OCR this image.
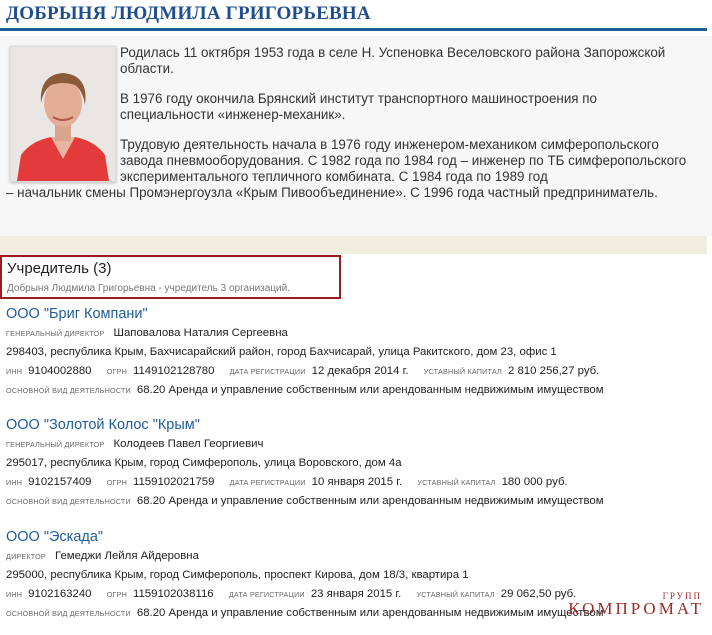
ДОБРЫНЯ ЛЮДМИЛА ГРИГОРЬЕВНА

Родилась 11 октября 1953 года в селе Н. Успеновка Веселовского района Запорожской области.

В 1976 году окончила Брянский институт транспортного машиностроения по специальности «инженер-механик».

Трудовую деятельность начала в 1976 году инженером-механиком симферопольского завода пневмооборудования. С 1982 года по 1984 год – инженер по ТБ симферопольского экспериментального тепличного комбината. С 1984 года по 1989 год
– начальник смены Промэнергоузла «Крым Пивообъединение». С 1996 года частный предприниматель.

Учредитель (3)
Добрыня Людмила Григорьевна - учредитель 3 организаций.
ООО "Бриг Компани"
ГЕНЕРАЛЬНЫЙ ДИРЕКТОР Шаповалова Наталия Сергеевна
298403, республика Крым, Бахчисарайский район, город Бахчисарай, улица Ракитского, дом 23, офис 1
ИНН 9104002880 ОГРН 1149102128780 ДАТА РЕГИСТРАЦИИ 12 декабря 2014 г. УСТАВНЫЙ КАПИТАЛ 2 810 256,27 руб.
ОСНОВНОЙ ВИД ДЕЯТЕЛЬНОСТИ 68.20 Аренда и управление собственным или арендованным недвижимым имуществом
ООО "Золотой Колос "Крым"
ГЕНЕРАЛЬНЫЙ ДИРЕКТОР Колодеев Павел Георгиевич
295017, республика Крым, город Симферополь, улица Воровского, дом 4а
ИНН 9102157409 ОГРН 1159102021759 ДАТА РЕГИСТРАЦИИ 10 января 2015 г. УСТАВНЫЙ КАПИТАЛ 180 000 руб.
ОСНОВНОЙ ВИД ДЕЯТЕЛЬНОСТИ 68.20 Аренда и управление собственным или арендованным недвижимым имуществом
ООО "Эскада"
ДИРЕКТОР Гемеджи Лейля Айдеровна
295000, республика Крым, город Симферополь, проспект Кирова, дом 18/3, квартира 1
ИНН 9102163240 ОГРН 1159102038116 ДАТА РЕГИСТРАЦИИ 23 января 2015 г. УСТАВНЫЙ КАПИТАЛ 29 062,50 руб.
ОСНОВНОЙ ВИД ДЕЯТЕЛЬНОСТИ 68.20 Аренда и управление собственным или арендованным недвижимым имуществом
ГРУПП
КОМПРОМАТ
